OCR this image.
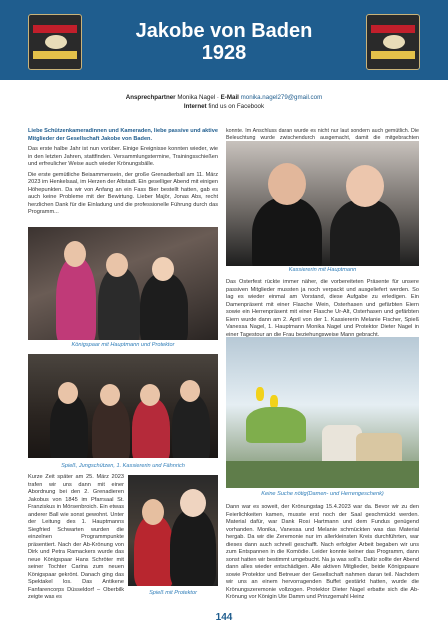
Jakobe von Baden
1928
Ansprechpartner Monika Nagel · E-Mail monika.nagel279@gmail.com
Internet find us on Facebook

Liebe Schützenkameradinnen und Kameraden, liebe passive und aktive Mitglieder der Gesellschaft Jakobe von Baden.

Das erste halbe Jahr ist nun vorüber. Einige Ereignisse konnten wieder, wie in den letzten Jahren, stattfinden. Versammlungstermine, Trainingsschießen und erfreulicher Weise auch wieder Krönungsbälle.

Die erste gemütliche Beisammensein, der große Grenadierball am 11. März 2023 im Henkelsaal, im Herzen der Altstadt. Ein geselliger Abend mit einigen Höhepunkten. Da wir von Anfang an ein Fass Bier bestellt hatten, gab es auch keine Probleme mit der Bewirtung. Lieber Majör, Jonas Abs, recht herzlichen Dank für die Einladung und die professionelle Führung durch das Programm...

Königspaar mit Hauptmann und Protektor
Spieß, Jungschützen, 1. Kassiererin und Fähnrich

Kurze Zeit später am 25. März 2023 trafen wir uns dann mit einer Abordnung bei den 2. Grenadieren Jakobus von 1845 im Pfarrsaal St. Franziskus in Mörsenbroich. Ein etwas anderer Ball wie sonst gewohnt. Unter der Leitung des 1. Hauptmanns Siegfried Schwarten wurden die einzelnen Programmpunkte präsentiert. Nach der Ab-Krönung von Dirk und Petra Ramackers wurde das neue Königspaar Hans Schröter mit seiner Tochter Carina zum neuen Königspaar gekrönt. Danach ging das Spektakel los. Das Antikene Fanfarencorps Düsseldorf – Oberbilk zeigte was es

Spieß mit Protektor

konnte. Im Anschluss daran wurde es nicht nur laut sondern auch gemütlich. Die Beleuchtung wurde zwischendurch ausgemacht, damit die mitgebrachten

Kassiererin mit Hauptmann

Das Osterfest rückte immer näher, die vorbereiteten Präsente für unsere passiven Mitglieder mussten ja noch verpackt und ausgeliefert werden. So lag es wieder einmal am Vorstand, diese Aufgabe zu erledigen. Ein Damenpräsent mit einer Flasche Wein, Osterhasen und gefärbten Eiern sowie ein Herrenpräsent mit einer Flasche Ur-Alt, Osterhasen und gefärbten Eiern wurde dann am 2. April von der 1. Kassiererin Melanie Fischer, Spieß Vanessa Nagel, 1. Hauptmann Monika Nagel und Protektor Dieter Nagel in einer Tagestour an die Frau beziehungsweise Mann gebracht.

Keine Suche nötig(Damen- und Herrengeschenk)

Dann war es soweit, der Krönungstag 15.4.2023 war da. Bevor wir zu den Feierlichkeiten kamen, musste erst noch der Saal geschmückt werden. Material dafür, war Dank Rosi Hartmann und dem Fundus genügend vorhanden. Monika, Vanessa und Melanie schmückten was das Material hergab. Da wir die Zeremonie nur im allerkleinsten Kreis durchführten, war dieses dann auch schnell geschafft. Nach erfolgter Arbeit begaben wir uns zum Entspannen in die Komödie. Leider konnte keiner das Programm, dann sonst hatten wir bestimmt umgebucht. Na ja was soll's. Dafür sollte der Abend dann alles wieder entschädigen. Alle aktiven Mitglieder, beide Königspaare sowie Protektor und Betreuer der Gesellschaft nahmen daran teil. Nachdem wir uns an einem hervorragenden Buffet gestärkt hatten, wurde die Krönungszeremonie vollzogen. Protektor Dieter Nagel erbatte sich die Ab-Krönung vor Königin Ute Damm und Prinzgemahl Heinz

144
